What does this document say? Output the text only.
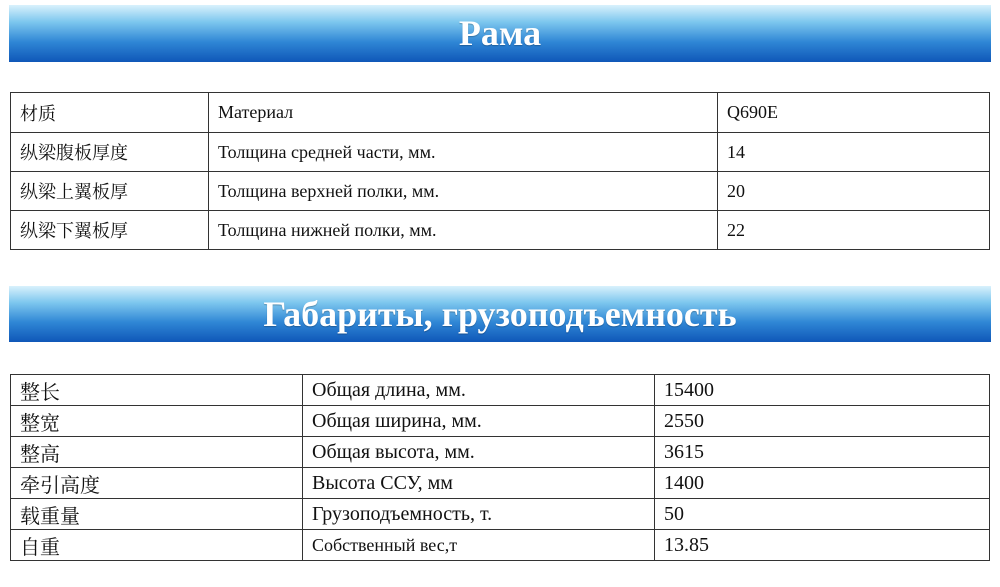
Рама
材质	Материал	Q690E
纵梁腹板厚度	Толщина средней части, мм.	14
纵梁上翼板厚	Толщина верхней полки, мм.	20
纵梁下翼板厚	Толщина нижней полки, мм.	22
Габариты, грузоподъемность
整长	Общая длина, мм.	15400
整宽	Общая ширина, мм.	2550
整高	Общая высота, мм.	3615
牵引高度	Высота ССУ, мм	1400
载重量	Грузоподъемность, т.	50
自重	Собственный вес,т	13.85
